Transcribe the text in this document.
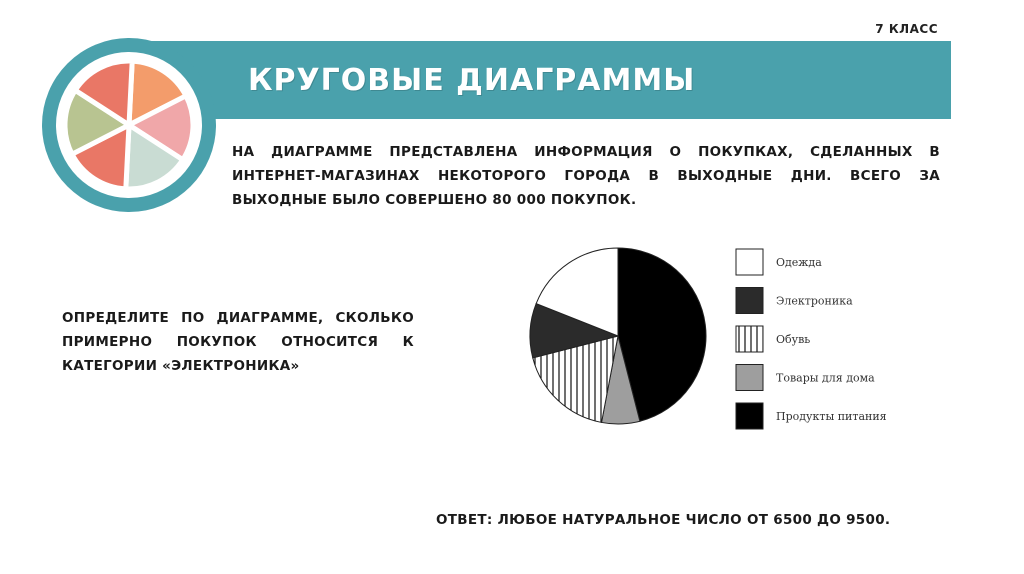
7 КЛАСС
КРУГОВЫЕ ДИАГРАММЫ
НА ДИАГРАММЕ ПРЕДСТАВЛЕНА ИНФОРМАЦИЯ О ПОКУПКАХ, СДЕЛАННЫХ В ИНТЕРНЕТ-МАГАЗИНАХ НЕКОТОРОГО ГОРОДА В ВЫХОДНЫЕ ДНИ. ВСЕГО ЗА ВЫХОДНЫЕ БЫЛО СОВЕРШЕНО 80 000 ПОКУПОК.
ОПРЕДЕЛИТЕ ПО ДИАГРАММЕ, СКОЛЬКО ПРИМЕРНО ПОКУПОК ОТНОСИТСЯ К КАТЕГОРИИ «ЭЛЕКТРОНИКА»
ОТВЕТ: ЛЮБОЕ НАТУРАЛЬНОЕ ЧИСЛО ОТ 6500 ДО 9500.
Одежда
Электроника
Обувь
Товары для дома
Продукты питания
